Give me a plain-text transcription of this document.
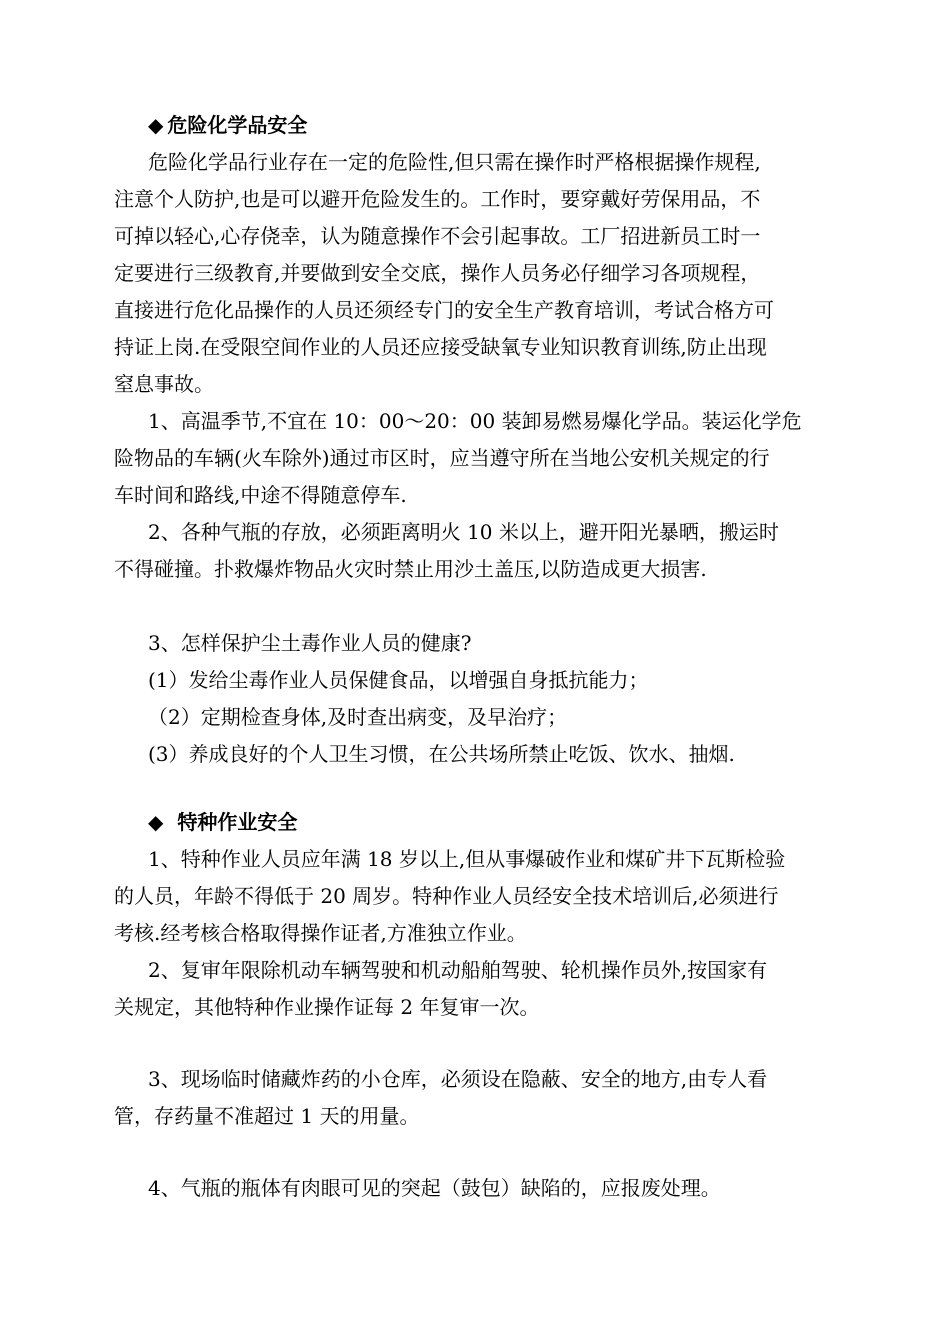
◆ 危险化学品安全

危险化学品行业存在一定的危险性,但只需在操作时严格根据操作规程,

注意个人防护,也是可以避开危险发生的。工作时，要穿戴好劳保用品，不

可掉以轻心,心存侥幸，认为随意操作不会引起事故。工厂招进新员工时一

定要进行三级教育,并要做到安全交底，操作人员务必仔细学习各项规程，

直接进行危化品操作的人员还须经专门的安全生产教育培训，考试合格方可

持证上岗.在受限空间作业的人员还应接受缺氧专业知识教育训练,防止出现

窒息事故。

1、高温季节,不宜在 10：00～20：00 装卸易燃易爆化学品。装运化学危

险物品的车辆(火车除外)通过市区时，应当遵守所在当地公安机关规定的行

车时间和路线,中途不得随意停车.

2、各种气瓶的存放，必须距离明火 10 米以上，避开阳光暴晒，搬运时

不得碰撞。扑救爆炸物品火灾时禁止用沙土盖压,以防造成更大损害.

3、怎样保护尘土毒作业人员的健康?

(1）发给尘毒作业人员保健食品，以增强自身抵抗能力；

（2）定期检查身体,及时查出病变，及早治疗；

(3）养成良好的个人卫生习惯，在公共场所禁止吃饭、饮水、抽烟.

◆ 特种作业安全

1、特种作业人员应年满 18 岁以上,但从事爆破作业和煤矿井下瓦斯检验

的人员，年龄不得低于 20 周岁。特种作业人员经安全技术培训后,必须进行

考核.经考核合格取得操作证者,方准独立作业。

2、复审年限除机动车辆驾驶和机动船舶驾驶、轮机操作员外,按国家有

关规定，其他特种作业操作证每 2 年复审一次。

3、现场临时储藏炸药的小仓库，必须设在隐蔽、安全的地方,由专人看

管，存药量不准超过 1 天的用量。

4、气瓶的瓶体有肉眼可见的突起（鼓包）缺陷的，应报废处理。
